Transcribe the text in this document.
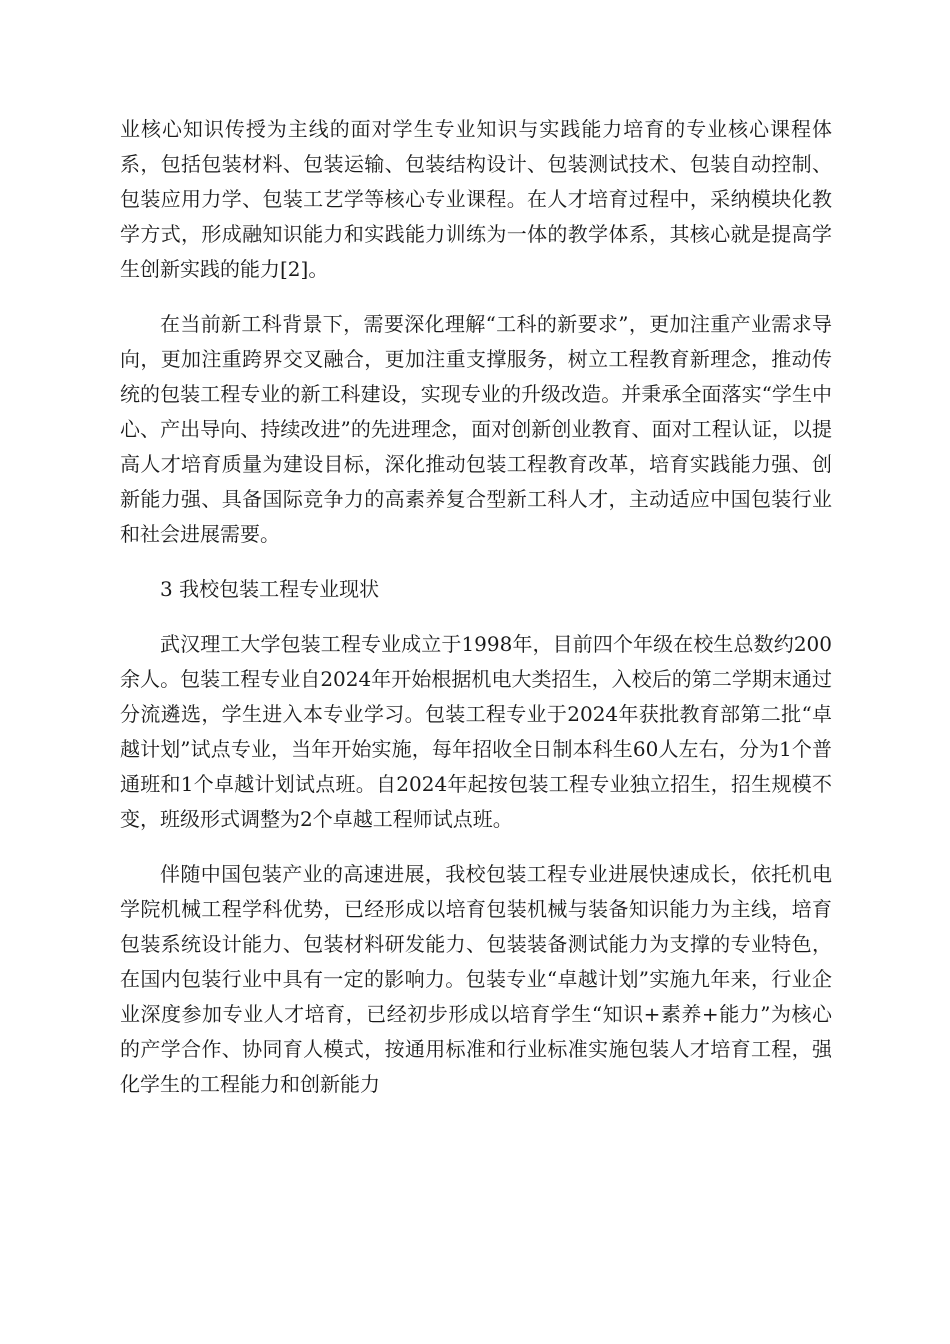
业核心知识传授为主线的面对学生专业知识与实践能力培育的专业核心课程体系，包括包装材料、包装运输、包装结构设计、包装测试技术、包装自动控制、包装应用力学、包装工艺学等核心专业课程。在人才培育过程中，采纳模块化教学方式，形成融知识能力和实践能力训练为一体的教学体系，其核心就是提高学生创新实践的能力[2]。

在当前新工科背景下，需要深化理解“工科的新要求”，更加注重产业需求导向，更加注重跨界交叉融合，更加注重支撑服务，树立工程教育新理念，推动传统的包装工程专业的新工科建设，实现专业的升级改造。并秉承全面落实“学生中心、产出导向、持续改进”的先进理念，面对创新创业教育、面对工程认证，以提高人才培育质量为建设目标，深化推动包装工程教育改革，培育实践能力强、创新能力强、具备国际竞争力的高素养复合型新工科人才，主动适应中国包装行业和社会进展需要。

3 我校包装工程专业现状

武汉理工大学包装工程专业成立于1998年，目前四个年级在校生总数约200余人。包装工程专业自2024年开始根据机电大类招生，入校后的第二学期末通过分流遴选，学生进入本专业学习。包装工程专业于2024年获批教育部第二批“卓越计划”试点专业，当年开始实施，每年招收全日制本科生60人左右，分为1个普通班和1个卓越计划试点班。自2024年起按包装工程专业独立招生，招生规模不变，班级形式调整为2个卓越工程师试点班。

伴随中国包装产业的高速进展，我校包装工程专业进展快速成长，依托机电学院机械工程学科优势，已经形成以培育包装机械与装备知识能力为主线，培育包装系统设计能力、包装材料研发能力、包装装备测试能力为支撑的专业特色，在国内包装行业中具有一定的影响力。包装专业“卓越计划”实施九年来，行业企业深度参加专业人才培育，已经初步形成以培育学生“知识+素养+能力”为核心的产学合作、协同育人模式，按通用标准和行业标准实施包装人才培育工程，强化学生的工程能力和创新能力
